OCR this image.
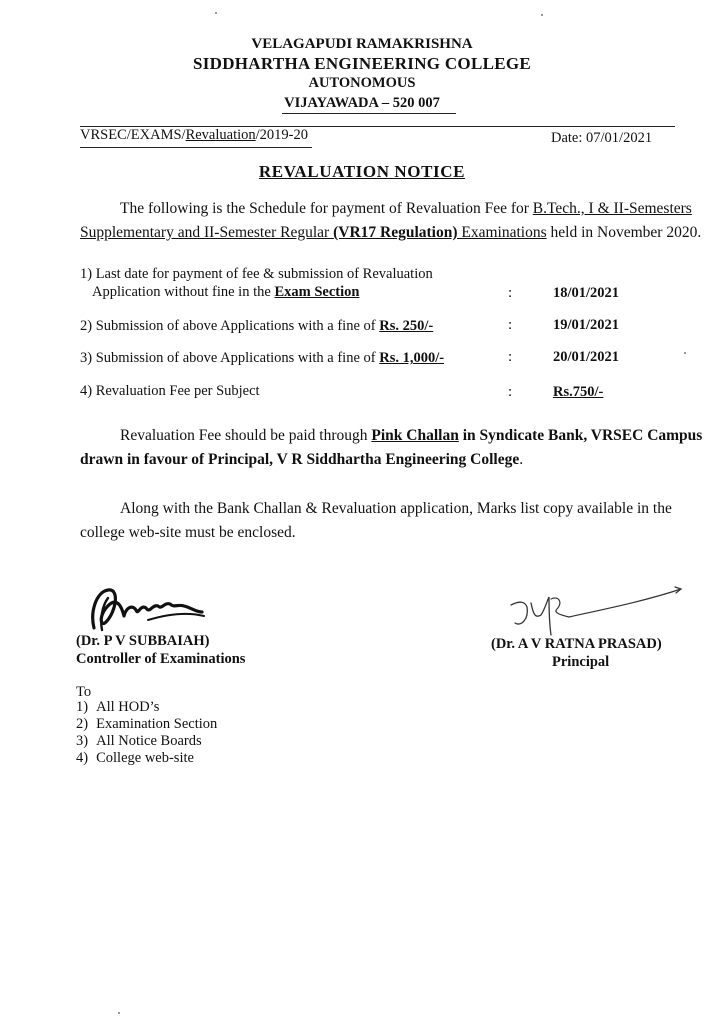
VELAGAPUDI RAMAKRISHNA
SIDDHARTHA ENGINEERING COLLEGE
AUTONOMOUS
VIJAYAWADA – 520 007
VRSEC/EXAMS/Revaluation/2019-20	Date: 07/01/2021
REVALUATION NOTICE
The following is the Schedule for payment of Revaluation Fee for B.Tech., I & II-Semesters
Supplementary and II-Semester Regular (VR17 Regulation) Examinations held in November 2020.
1) Last date for payment of fee & submission of Revaluation
Application without fine in the Exam Section	:	18/01/2021
2) Submission of above Applications with a fine of Rs. 250/-	:	19/01/2021
3) Submission of above Applications with a fine of Rs. 1,000/-	:	20/01/2021
4) Revaluation Fee per Subject	:	Rs.750/-
Revaluation Fee should be paid through Pink Challan in Syndicate Bank, VRSEC Campus
drawn in favour of Principal, V R Siddhartha Engineering College.
Along with the Bank Challan & Revaluation application, Marks list copy available in the
college web-site must be enclosed.
(Dr. P V SUBBAIAH)
Controller of Examinations
(Dr. A V RATNA PRASAD)
Principal
To
1) All HOD’s
2) Examination Section
3) All Notice Boards
4) College web-site
